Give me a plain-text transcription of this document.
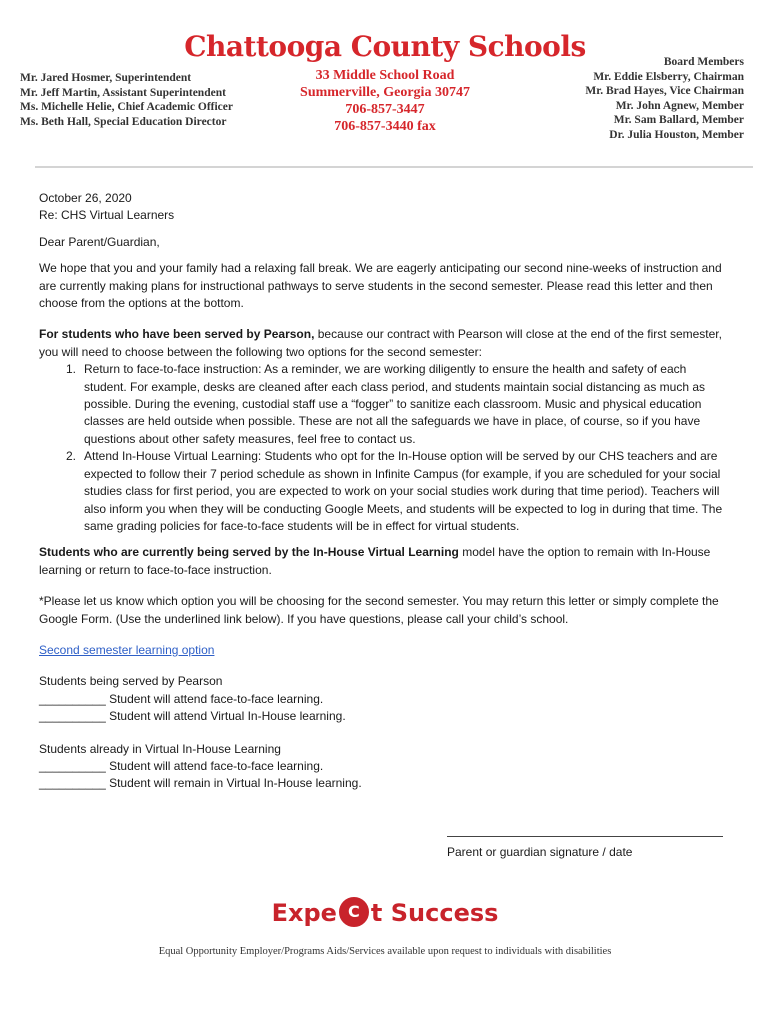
Chattooga County Schools
Mr. Jared Hosmer, Superintendent
Mr. Jeff Martin, Assistant Superintendent
Ms. Michelle Helie, Chief Academic Officer
Ms. Beth Hall, Special Education Director
33 Middle School Road
Summerville, Georgia 30747
706-857-3447
706-857-3440 fax
Board Members
Mr. Eddie Elsberry, Chairman
Mr. Brad Hayes, Vice Chairman
Mr. John Agnew, Member
Mr. Sam Ballard, Member
Dr. Julia Houston, Member

October 26, 2020

Re: CHS Virtual Learners

Dear Parent/Guardian,

We hope that you and your family had a relaxing fall break. We are eagerly anticipating our second nine-weeks of instruction and are currently making plans for instructional pathways to serve students in the second semester. Please read this letter and then choose from the options at the bottom.

For students who have been served by Pearson, because our contract with Pearson will close at the end of the first semester, you will need to choose between the following two options for the second semester:

1. Return to face-to-face instruction: As a reminder, we are working diligently to ensure the health and safety of each student. For example, desks are cleaned after each class period, and students maintain social distancing as much as possible. During the evening, custodial staff use a “fogger” to sanitize each classroom. Music and physical education classes are held outside when possible. These are not all the safeguards we have in place, of course, so if you have questions about other safety measures, feel free to contact us.
2. Attend In-House Virtual Learning: Students who opt for the In-House option will be served by our CHS teachers and are expected to follow their 7 period schedule as shown in Infinite Campus (for example, if you are scheduled for your social studies class for first period, you are expected to work on your social studies work during that time period). Teachers will also inform you when they will be conducting Google Meets, and students will be expected to log in during that time. The same grading policies for face-to-face students will be in effect for virtual students.

Students who are currently being served by the In-House Virtual Learning model have the option to remain with In-House learning or return to face-to-face instruction.

*Please let us know which option you will be choosing for the second semester. You may return this letter or simply complete the Google Form. (Use the underlined link below). If you have questions, please call your child’s school.

Second semester learning option

Students being served by Pearson

__________ Student will attend face-to-face learning.

__________ Student will attend Virtual In-House learning.

Students already in Virtual In-House Learning

__________ Student will attend face-to-face learning.

__________ Student will remain in Virtual In-House learning.

Parent or guardian signature / date
Expe C t Success
Equal Opportunity Employer/Programs Aids/Services available upon request to individuals with disabilities
